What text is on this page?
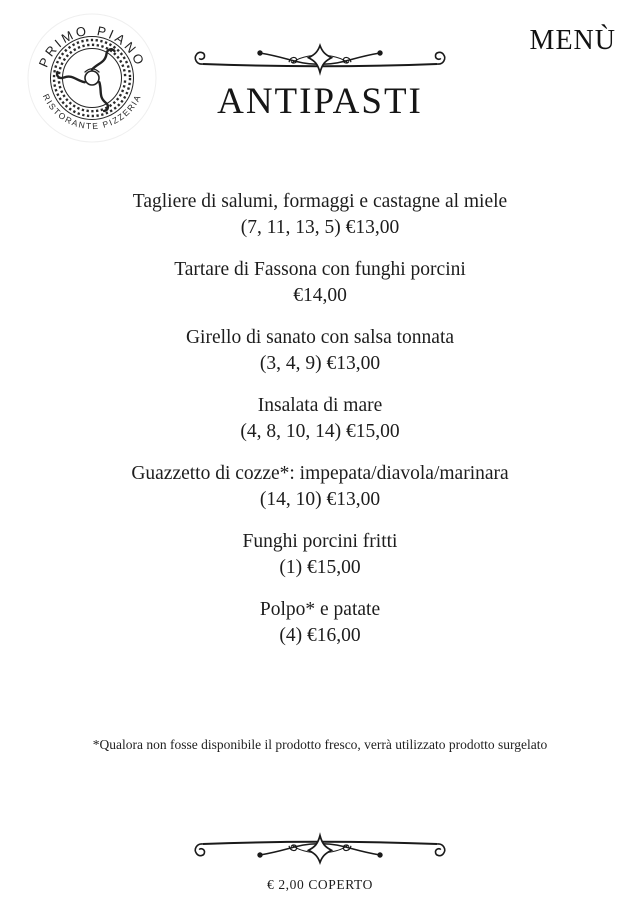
PRIMO PIANO
RISTORANTE PIZZERIA
MENÙ
ANTIPASTI
Tagliere di salumi, formaggi e castagne al miele
(7, 11, 13, 5) €13,00
Tartare di Fassona con funghi porcini
€14,00
Girello di sanato con salsa tonnata
(3, 4, 9) €13,00
Insalata di mare
(4, 8, 10, 14) €15,00
Guazzetto di cozze*: impepata/diavola/marinara
(14, 10) €13,00
Funghi porcini fritti
(1) €15,00
Polpo* e patate
(4) €16,00
*Qualora non fosse disponibile il prodotto fresco, verrà utilizzato prodotto surgelato
€ 2,00 COPERTO
